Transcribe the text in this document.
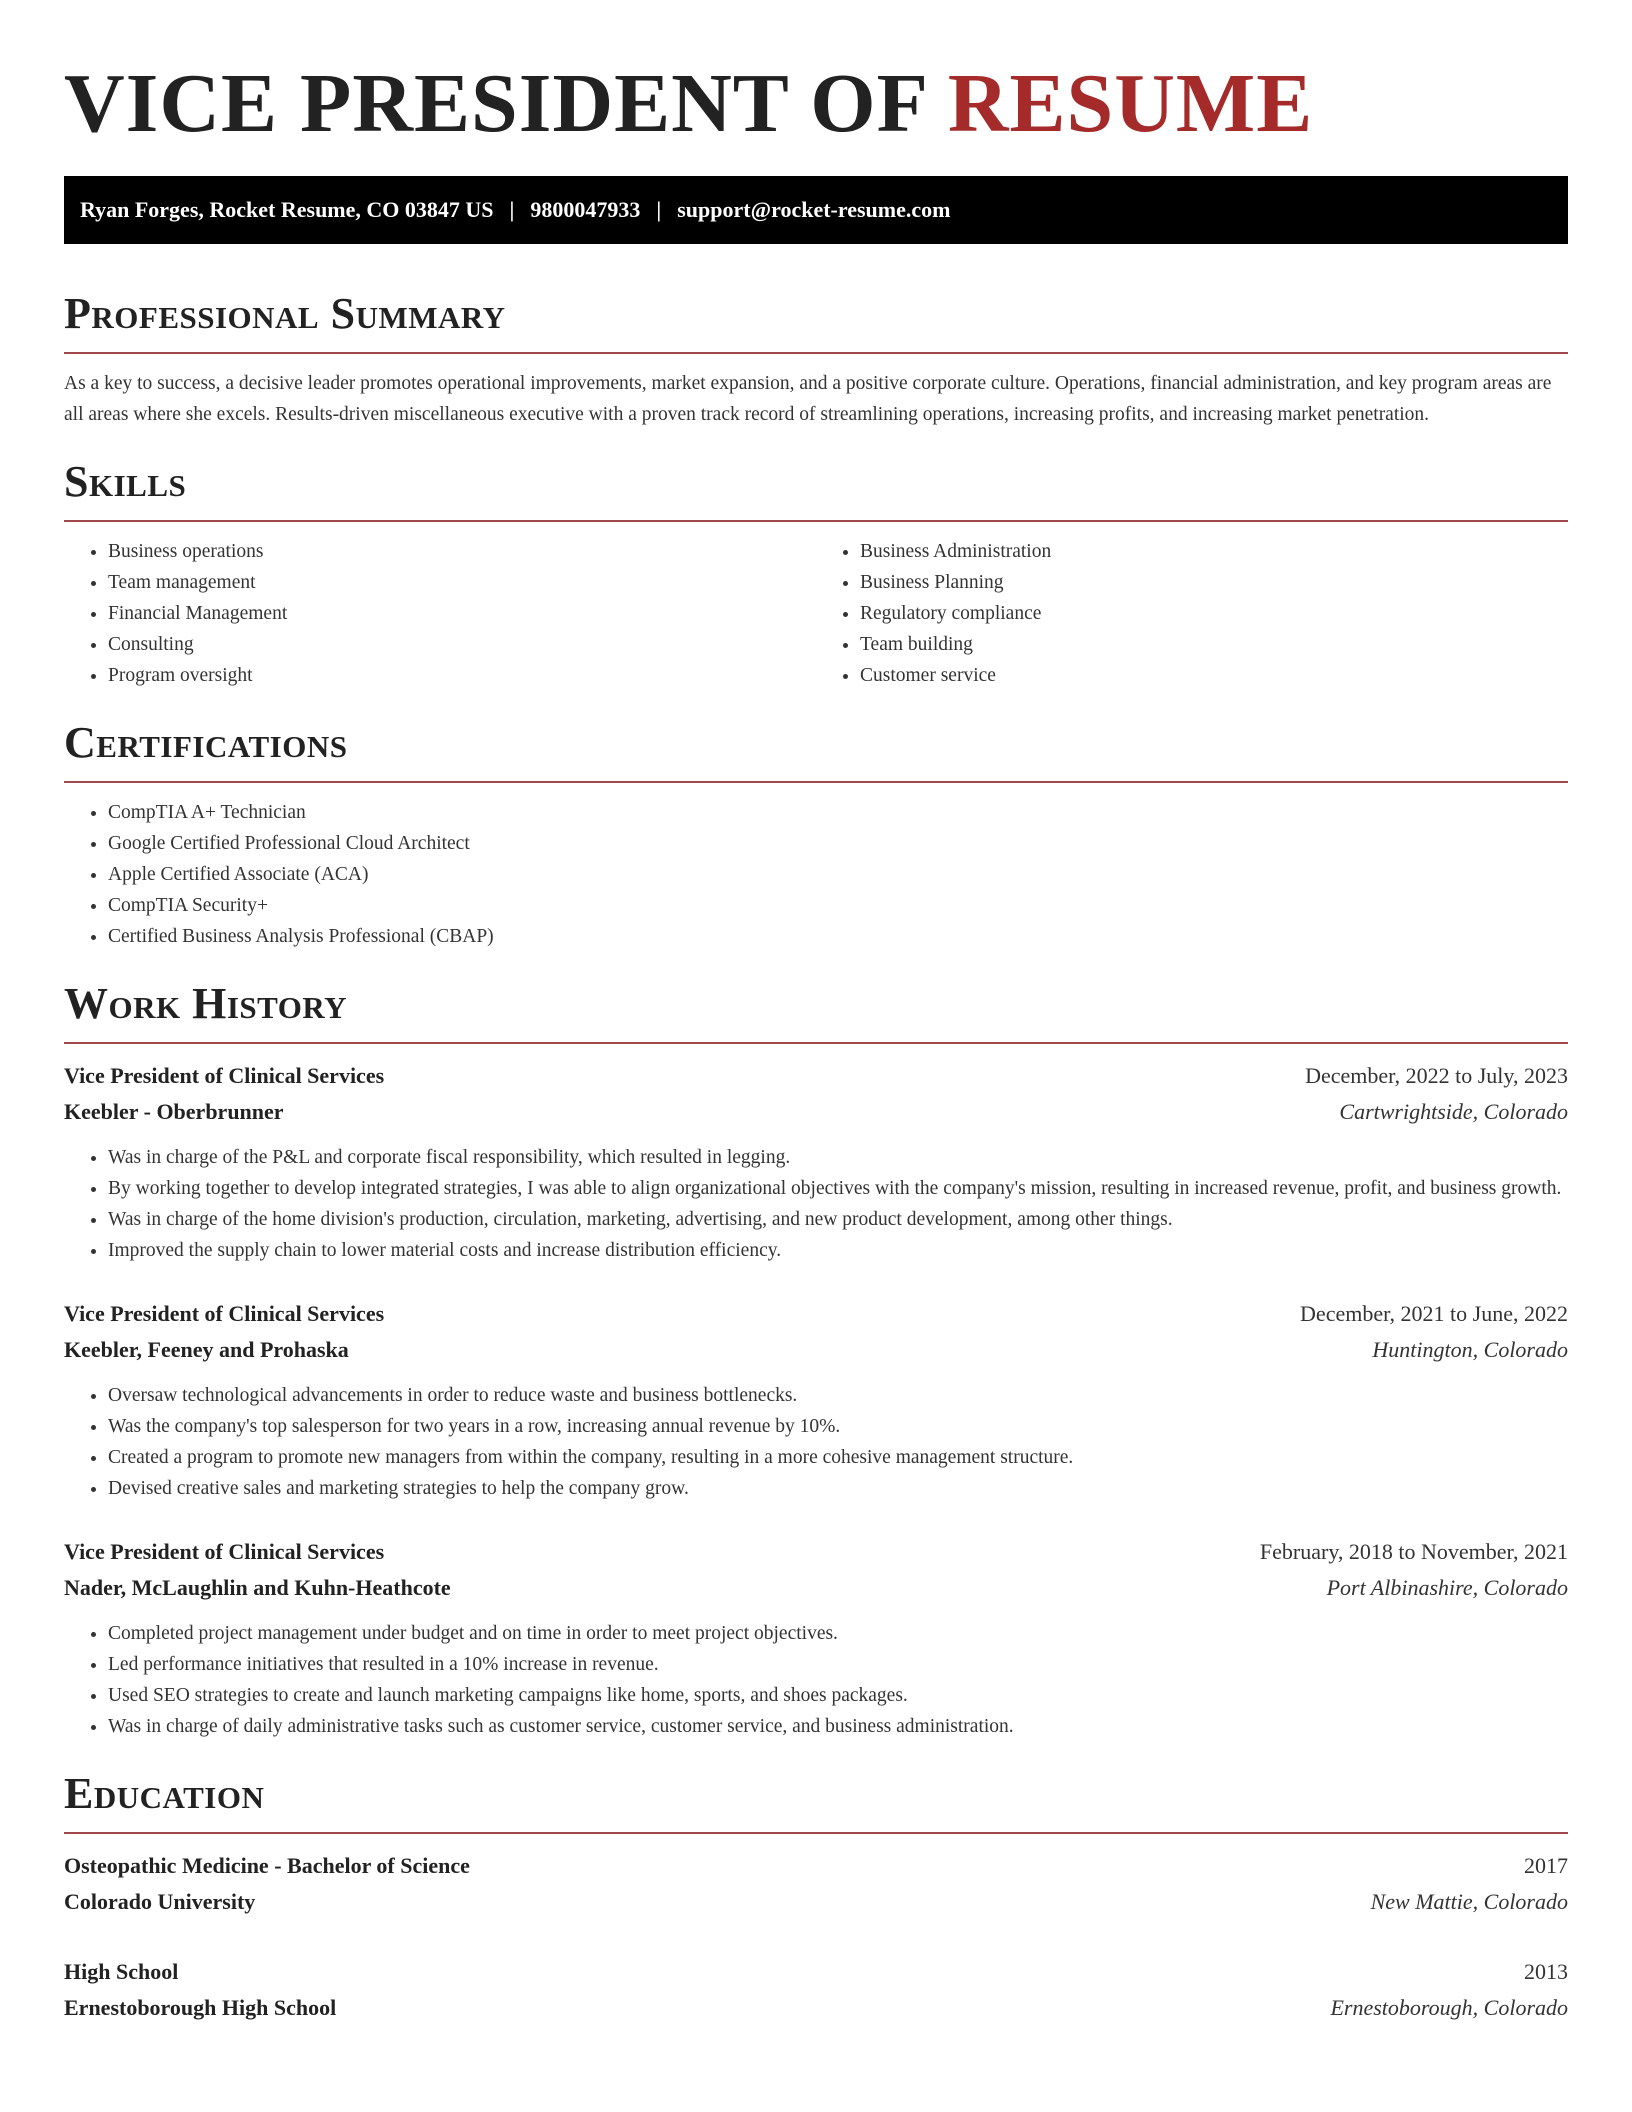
VICE PRESIDENT OF RESUME
Ryan Forges, Rocket Resume, CO 03847 US | 9800047933 | support@rocket-resume.com
Professional Summary

As a key to success, a decisive leader promotes operational improvements, market expansion, and a positive corporate culture. Operations, financial administration, and key program areas are all areas where she excels. Results-driven miscellaneous executive with a proven track record of streamlining operations, increasing profits, and increasing market penetration.

Skills
• Business operations
• Team management
• Financial Management
• Consulting
• Program oversight
• Business Administration
• Business Planning
• Regulatory compliance
• Team building
• Customer service
Certifications
• CompTIA A+ Technician
• Google Certified Professional Cloud Architect
• Apple Certified Associate (ACA)
• CompTIA Security+
• Certified Business Analysis Professional (CBAP)
Work History
Vice President of Clinical Services	December, 2022 to July, 2023
Keebler - Oberbrunner	Cartwrightside, Colorado
• Was in charge of the P&L and corporate fiscal responsibility, which resulted in legging.
• By working together to develop integrated strategies, I was able to align organizational objectives with the company's mission, resulting in increased revenue, profit, and business growth.
• Was in charge of the home division's production, circulation, marketing, advertising, and new product development, among other things.
• Improved the supply chain to lower material costs and increase distribution efficiency.
Vice President of Clinical Services	December, 2021 to June, 2022
Keebler, Feeney and Prohaska	Huntington, Colorado
• Oversaw technological advancements in order to reduce waste and business bottlenecks.
• Was the company's top salesperson for two years in a row, increasing annual revenue by 10%.
• Created a program to promote new managers from within the company, resulting in a more cohesive management structure.
• Devised creative sales and marketing strategies to help the company grow.
Vice President of Clinical Services	February, 2018 to November, 2021
Nader, McLaughlin and Kuhn-Heathcote	Port Albinashire, Colorado
• Completed project management under budget and on time in order to meet project objectives.
• Led performance initiatives that resulted in a 10% increase in revenue.
• Used SEO strategies to create and launch marketing campaigns like home, sports, and shoes packages.
• Was in charge of daily administrative tasks such as customer service, customer service, and business administration.
Education
Osteopathic Medicine - Bachelor of Science	2017
Colorado University	New Mattie, Colorado
High School	2013
Ernestoborough High School	Ernestoborough, Colorado
